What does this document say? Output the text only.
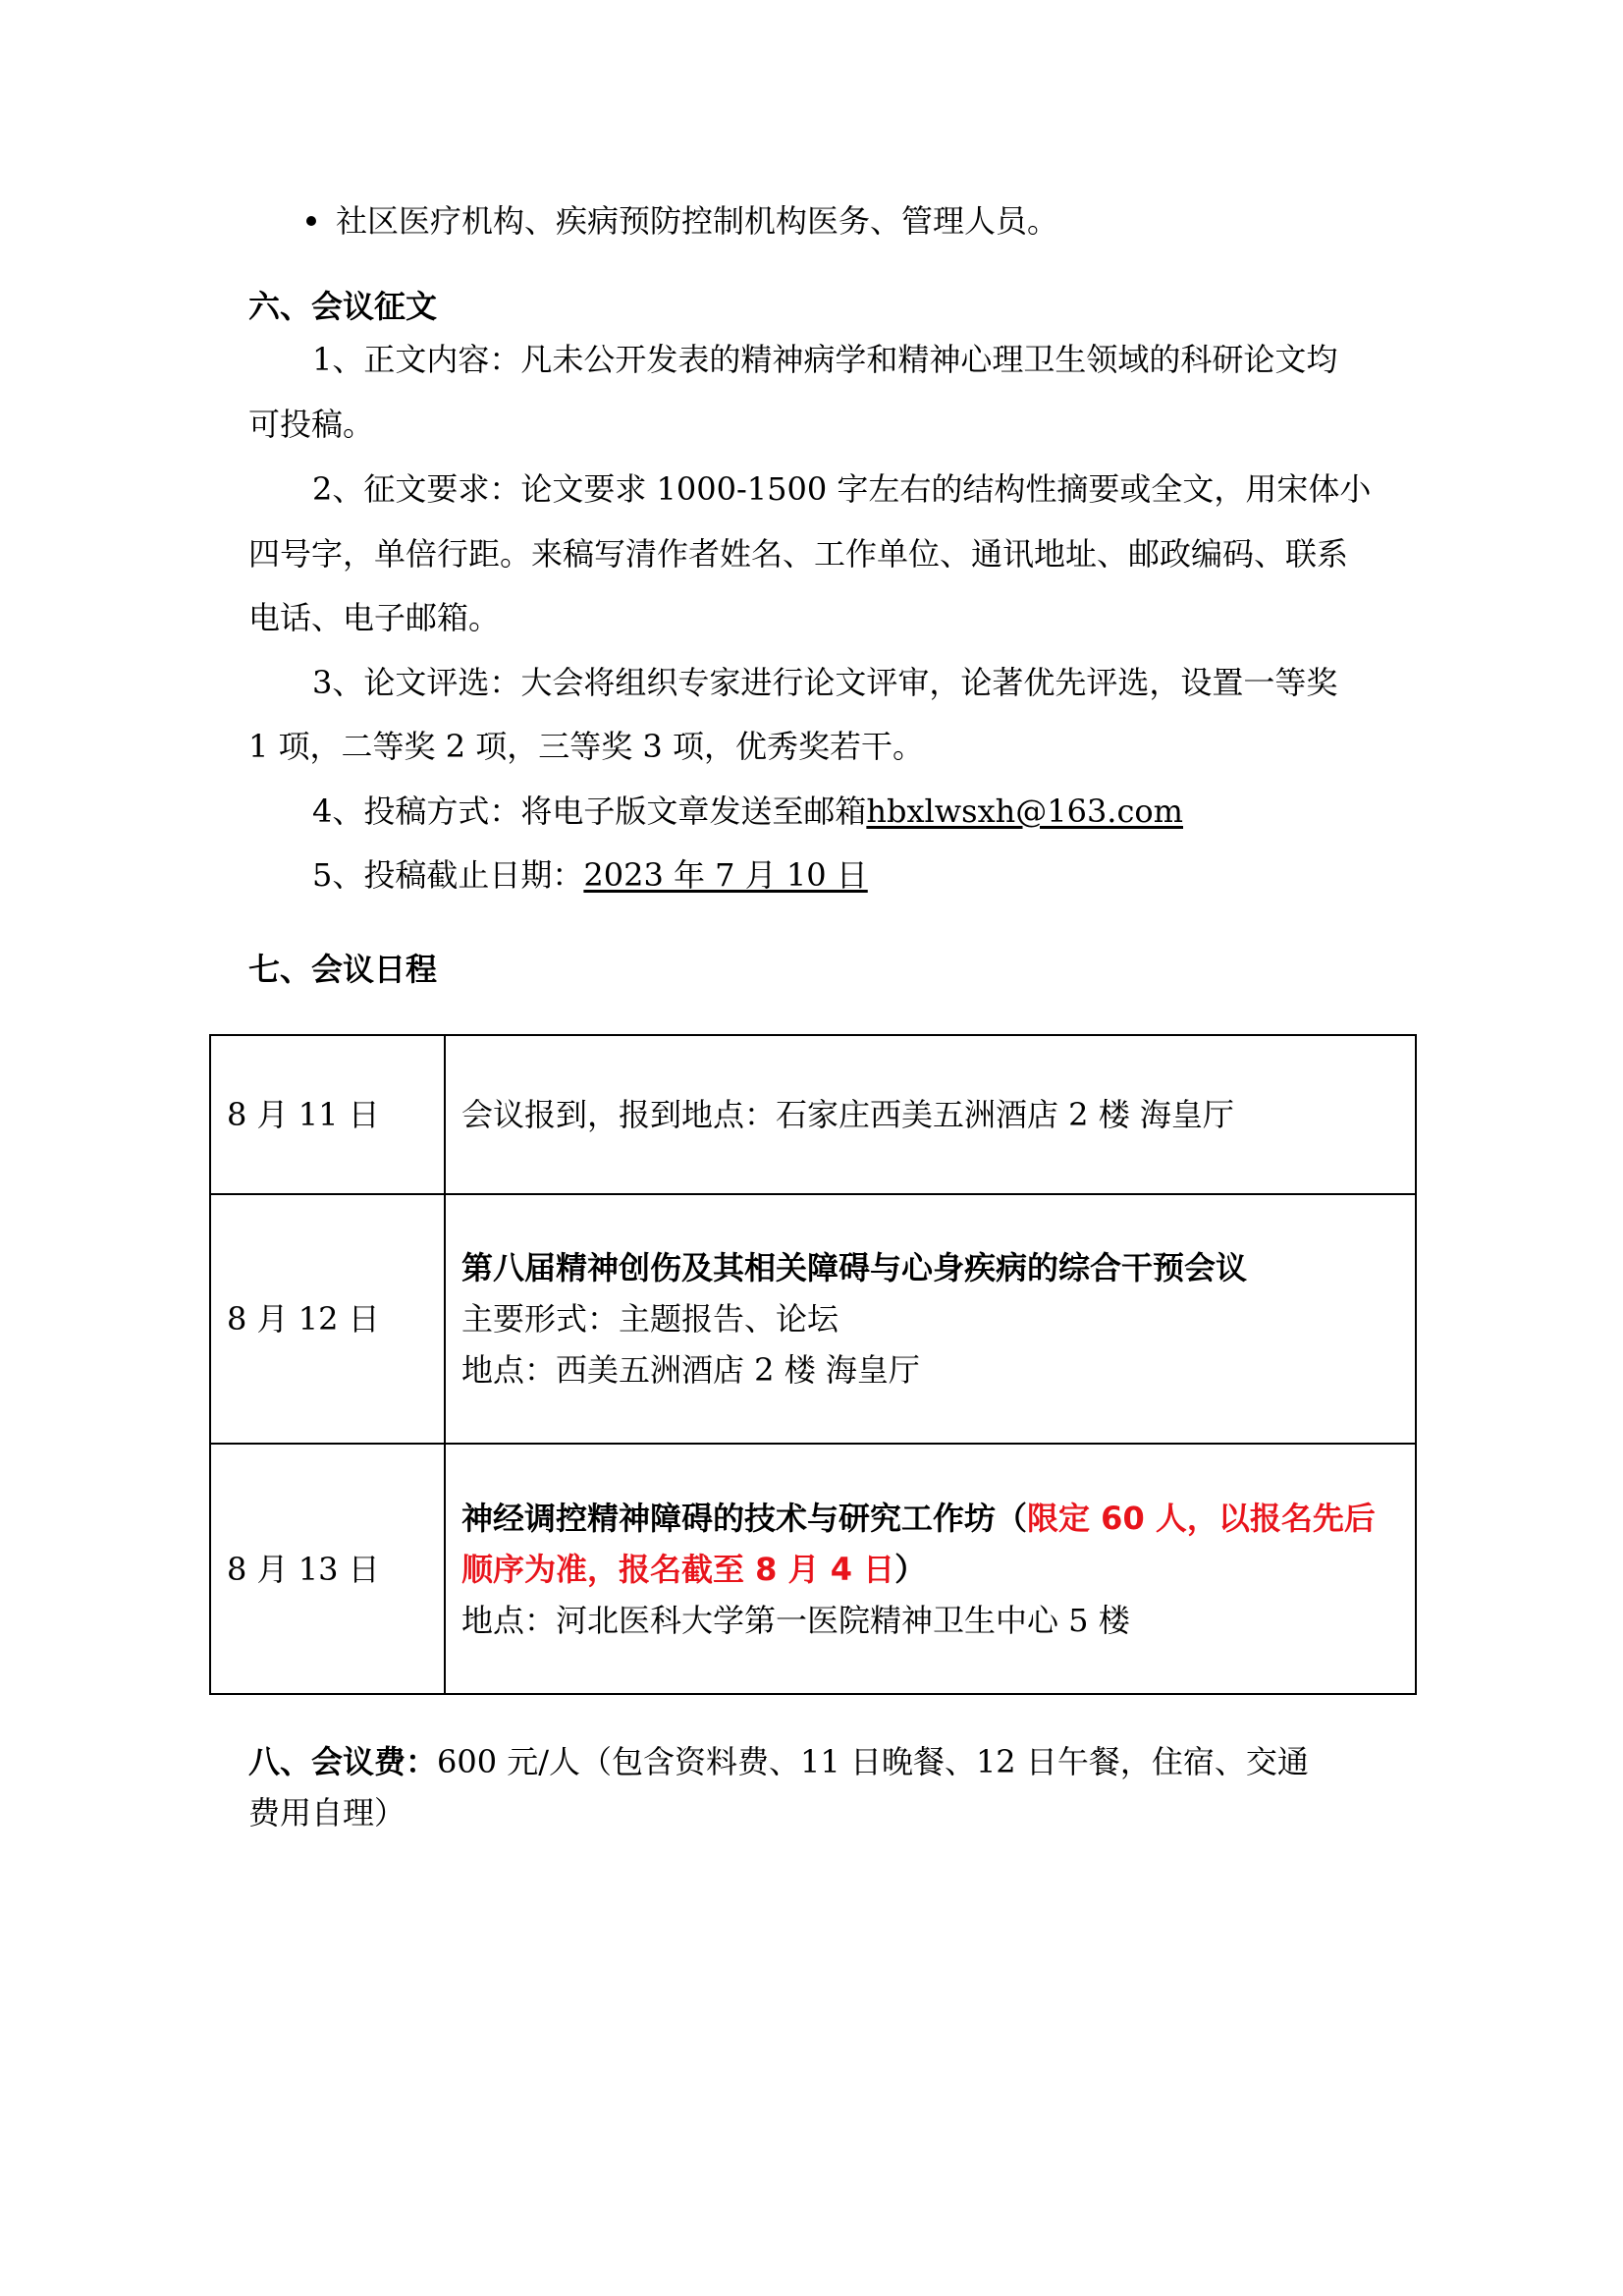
社区医疗机构、疾病预防控制机构医务、管理人员。
六、会议征文
1、正文内容：凡未公开发表的精神病学和精神心理卫生领域的科研论文均
可投稿。
2、征文要求：论文要求 1000-1500 字左右的结构性摘要或全文，用宋体小
四号字，单倍行距。来稿写清作者姓名、工作单位、通讯地址、邮政编码、联系
电话、电子邮箱。
3、论文评选：大会将组织专家进行论文评审，论著优先评选，设置一等奖
1 项，二等奖 2 项，三等奖 3 项，优秀奖若干。
4、投稿方式：将电子版文章发送至邮箱hbxlwsxh@163.com
5、投稿截止日期：2023 年 7 月 10 日
七、会议日程
8 月 11 日	会议报到，报到地点：石家庄西美五洲酒店 2 楼 海皇厅

8 月 12 日	第八届精神创伤及其相关障碍与心身疾病的综合干预会议
主要形式：主题报告、论坛
地点：西美五洲酒店 2 楼 海皇厅

8 月 13 日	神经调控精神障碍的技术与研究工作坊（限定 60 人，以报名先后
顺序为准，报名截至 8 月 4 日）
地点：河北医科大学第一医院精神卫生中心 5 楼
八、会议费：600 元/人（包含资料费、11 日晚餐、12 日午餐，住宿、交通
费用自理）
